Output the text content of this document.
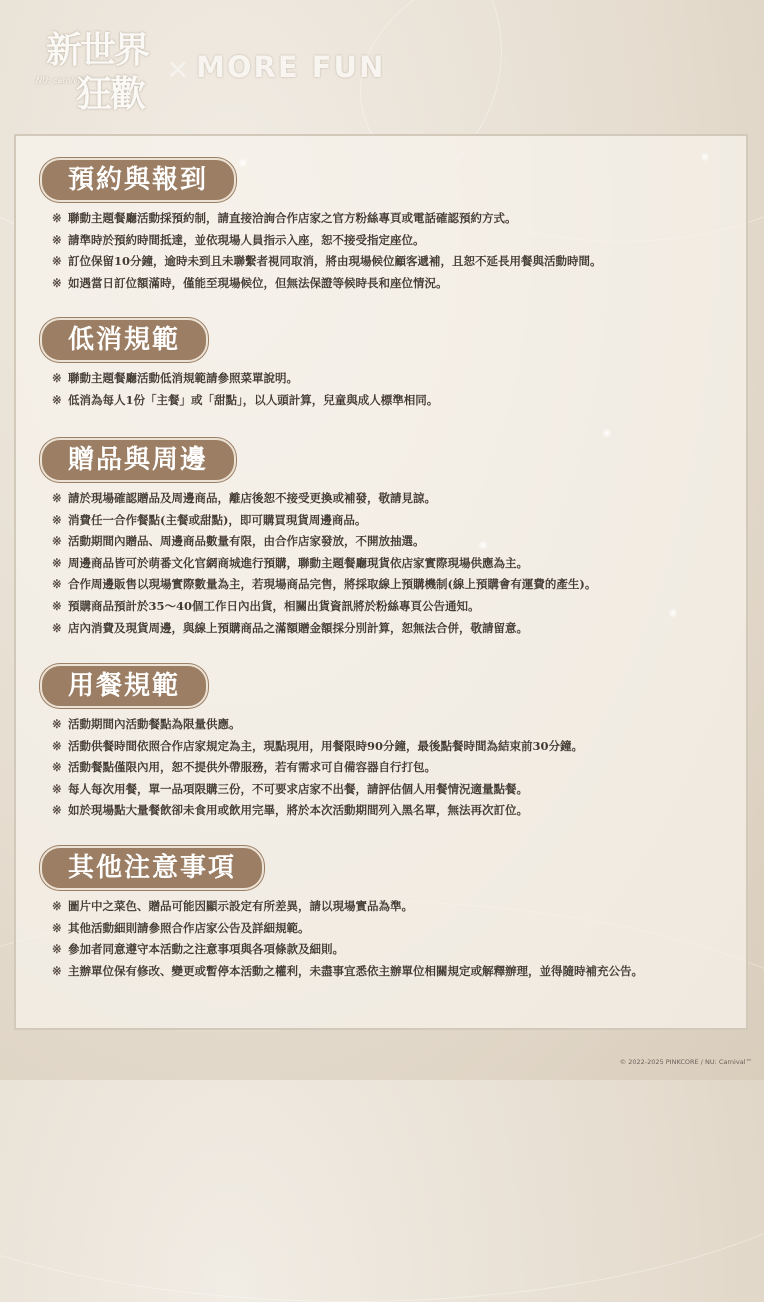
新世界
NU: carnival
狂歡
× MORE FUN
預約與報到
※ 聯動主題餐廳活動採預約制，請直接洽詢合作店家之官方粉絲專頁或電話確認預約方式。
※ 請準時於預約時間抵達，並依現場人員指示入座，恕不接受指定座位。
※ 訂位保留10分鐘，逾時未到且未聯繫者視同取消，將由現場候位顧客遞補，且恕不延長用餐與活動時間。
※ 如遇當日訂位額滿時，僅能至現場候位，但無法保證等候時長和座位情況。
低消規範
※ 聯動主題餐廳活動低消規範請參照菜單說明。
※ 低消為每人1份「主餐」或「甜點」，以人頭計算，兒童與成人標準相同。
贈品與周邊
※ 請於現場確認贈品及周邊商品，離店後恕不接受更換或補發，敬請見諒。
※ 消費任一合作餐點(主餐或甜點)，即可購買現貨周邊商品。
※ 活動期間內贈品、周邊商品數量有限，由合作店家發放，不開放抽選。
※ 周邊商品皆可於萌番文化官網商城進行預購，聯動主題餐廳現貨依店家實際現場供應為主。
※ 合作周邊販售以現場實際數量為主，若現場商品完售，將採取線上預購機制(線上預購會有運費的產生)。
※ 預購商品預計於35～40個工作日內出貨，相關出貨資訊將於粉絲專頁公告通知。
※ 店內消費及現貨周邊，與線上預購商品之滿額贈金額採分別計算，恕無法合併，敬請留意。
用餐規範
※ 活動期間內活動餐點為限量供應。
※ 活動供餐時間依照合作店家規定為主，現點現用，用餐限時90分鐘，最後點餐時間為結束前30分鐘。
※ 活動餐點僅限內用，恕不提供外帶服務，若有需求可自備容器自行打包。
※ 每人每次用餐，單一品項限購三份，不可要求店家不出餐，請評估個人用餐情況適量點餐。
※ 如於現場點大量餐飲卻未食用或飲用完畢，將於本次活動期間列入黑名單，無法再次訂位。
其他注意事項
※ 圖片中之菜色、贈品可能因顯示設定有所差異，請以現場實品為準。
※ 其他活動細則請參照合作店家公告及詳細規範。
※ 參加者同意遵守本活動之注意事項與各項條款及細則。
※ 主辦單位保有修改、變更或暫停本活動之權利，未盡事宜悉依主辦單位相關規定或解釋辦理，並得隨時補充公告。
© 2022-2025 PINKCORE / NU: Carnival™
